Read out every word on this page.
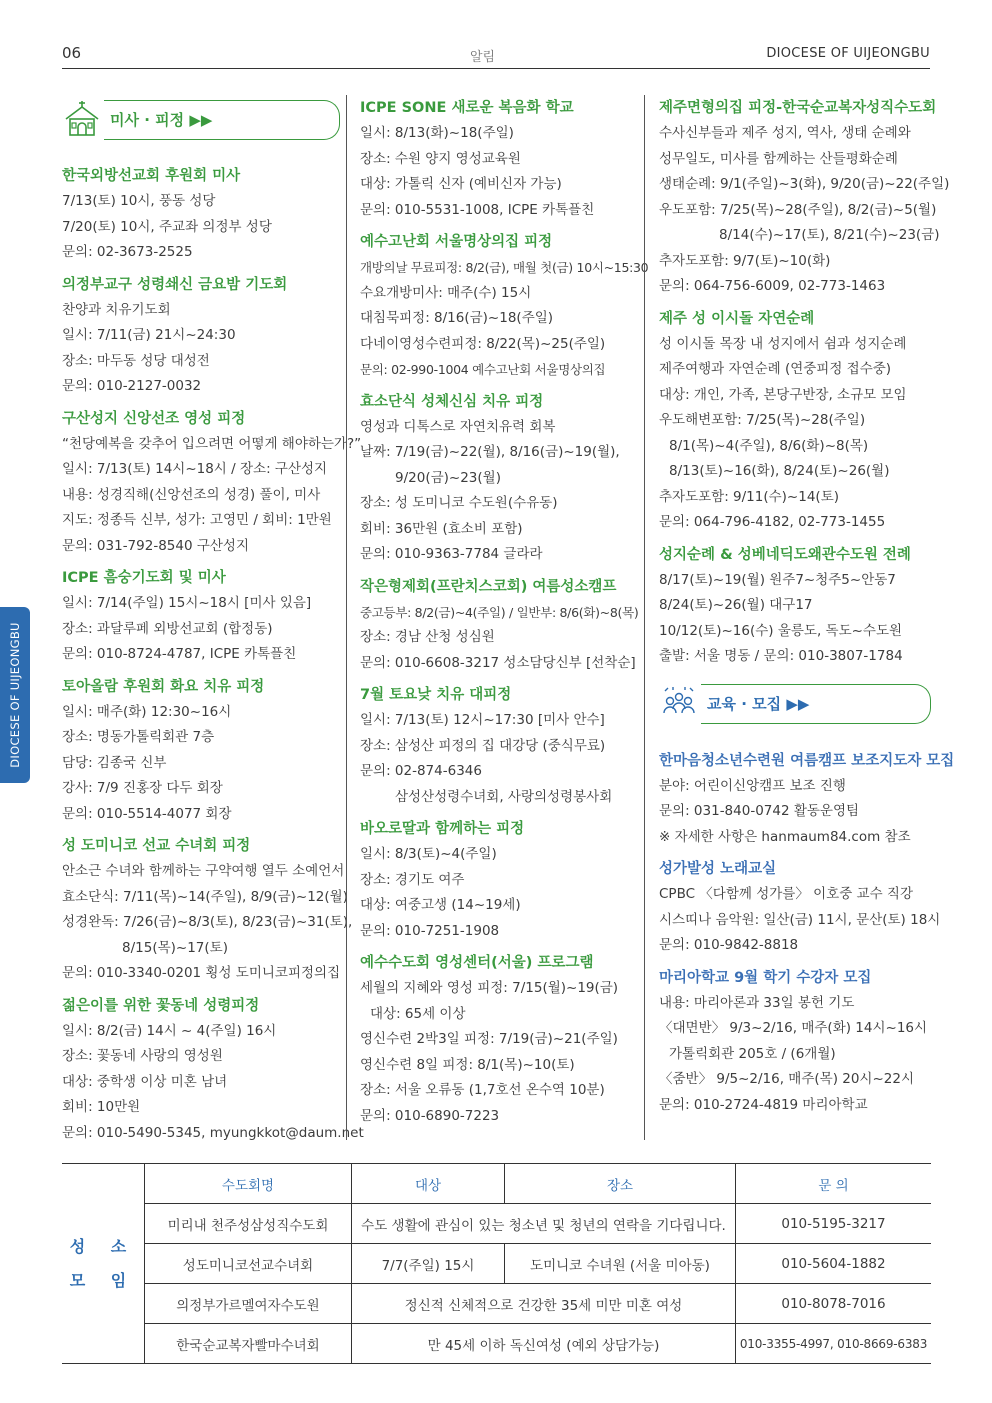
06	알림	DIOCESE OF UIJEONGBU
DIOCESE OF UIJEONGBU
미사 · 피정 ▶▶
한국외방선교회 후원회 미사
7/13(토) 10시, 풍동 성당
7/20(토) 10시, 주교좌 의정부 성당
문의: 02-3673-2525
의정부교구 성령쇄신 금요밤 기도회
찬양과 치유기도회
일시: 7/11(금) 21시~24:30
장소: 마두동 성당 대성전
문의: 010-2127-0032
구산성지 신앙선조 영성 피정
“천당예복을 갖추어 입으려면 어떻게 해야하는가?”
일시: 7/13(토) 14시~18시 / 장소: 구산성지
내용: 성경직해(신앙선조의 성경) 풀이, 미사
지도: 정종득 신부, 성가: 고영민 / 회비: 1만원
문의: 031-792-8540 구산성지
ICPE 흠숭기도회 및 미사
일시: 7/14(주일) 15시~18시 [미사 있음]
장소: 과달루페 외방선교회 (합정동)
문의: 010-8724-4787, ICPE 카톡플친
토아올람 후원회 화요 치유 피정
일시: 매주(화) 12:30~16시
장소: 명동가톨릭회관 7층
담당: 김종국 신부
강사: 7/9 진홍장 다두 회장
문의: 010-5514-4077 회장
성 도미니코 선교 수녀회 피정
안소근 수녀와 함께하는 구약여행 열두 소예언서
효소단식: 7/11(목)~14(주일), 8/9(금)~12(월)
성경완독: 7/26(금)~8/3(토), 8/23(금)~31(토),
8/15(목)~17(토)
문의: 010-3340-0201 횡성 도미니코피정의집
젊은이를 위한 꽃동네 성령피정
일시: 8/2(금) 14시 ~ 4(주일) 16시
장소: 꽃동네 사랑의 영성원
대상: 중학생 이상 미혼 남녀
회비: 10만원
문의: 010-5490-5345, myungkkot@daum.net
ICPE SONE 새로운 복음화 학교
일시: 8/13(화)~18(주일)
장소: 수원 양지 영성교육원
대상: 가톨릭 신자 (예비신자 가능)
문의: 010-5531-1008, ICPE 카톡플친
예수고난회 서울명상의집 피정
개방의날 무료피정: 8/2(금), 매월 첫(금) 10시~15:30
수요개방미사: 매주(수) 15시
대침묵피정: 8/16(금)~18(주일)
다네이영성수련피정: 8/22(목)~25(주일)
문의: 02-990-1004 예수고난회 서울명상의집
효소단식 성체신심 치유 피정
영성과 디톡스로 자연치유력 회복
날짜: 7/19(금)~22(월), 8/16(금)~19(월),
9/20(금)~23(월)
장소: 성 도미니코 수도원(수유동)
회비: 36만원 (효소비 포함)
문의: 010-9363-7784 글라라
작은형제회(프란치스코회) 여름성소캠프
중고등부: 8/2(금)~4(주일) / 일반부: 8/6(화)~8(목)
장소: 경남 산청 성심원
문의: 010-6608-3217 성소담당신부 [선착순]
7월 토요낮 치유 대피정
일시: 7/13(토) 12시~17:30 [미사 안수]
장소: 삼성산 피정의 집 대강당 (중식무료)
문의: 02-874-6346
삼성산성령수녀회, 사랑의성령봉사회
바오로딸과 함께하는 피정
일시: 8/3(토)~4(주일)
장소: 경기도 여주
대상: 여중고생 (14~19세)
문의: 010-7251-1908
예수수도회 영성센터(서울) 프로그램
세월의 지혜와 영성 피정: 7/15(월)~19(금)
대상: 65세 이상
영신수련 2박3일 피정: 7/19(금)~21(주일)
영신수련 8일 피정: 8/1(목)~10(토)
장소: 서울 오류동 (1,7호선 온수역 10분)
문의: 010-6890-7223
제주면형의집 피정-한국순교복자성직수도회
수사신부들과 제주 성지, 역사, 생태 순례와
성무일도, 미사를 함께하는 산들평화순례
생태순례: 9/1(주일)~3(화), 9/20(금)~22(주일)
우도포함: 7/25(목)~28(주일), 8/2(금)~5(월)
8/14(수)~17(토), 8/21(수)~23(금)
추자도포함: 9/7(토)~10(화)
문의: 064-756-6009, 02-773-1463
제주 성 이시돌 자연순례
성 이시돌 목장 내 성지에서 쉼과 성지순례
제주여행과 자연순례 (연중피정 접수중)
대상: 개인, 가족, 본당구반장, 소규모 모임
우도해변포함: 7/25(목)~28(주일)
8/1(목)~4(주일), 8/6(화)~8(목)
8/13(토)~16(화), 8/24(토)~26(월)
추자도포함: 9/11(수)~14(토)
문의: 064-796-4182, 02-773-1455
성지순례 & 성베네딕도왜관수도원 전례
8/17(토)~19(월) 원주7~청주5~안동7
8/24(토)~26(월) 대구17
10/12(토)~16(수) 울릉도, 독도~수도원
출발: 서울 명동 / 문의: 010-3807-1784
교육 · 모집 ▶▶
한마음청소년수련원 여름캠프 보조지도자 모집
분야: 어린이신앙캠프 보조 진행
문의: 031-840-0742 활동운영팀
※ 자세한 사항은 hanmaum84.com 참조
성가발성 노래교실
CPBC 〈다함께 성가를〉 이호중 교수 직강
시스띠나 음악원: 일산(금) 11시, 문산(토) 18시
문의: 010-9842-8818
마리아학교 9월 학기 수강자 모집
내용: 마리아론과 33일 봉헌 기도
〈대면반〉 9/3~2/16, 매주(화) 14시~16시
가톨릭회관 205호 / (6개월)
〈줌반〉 9/5~2/16, 매주(목) 20시~22시
문의: 010-2724-4819 마리아학교
성 소
모 임	수도회명	대상	장소	문 의
	미리내 천주성삼성직수도회	수도 생활에 관심이 있는 청소년 및 청년의 연락을 기다립니다.		010-5195-3217
	성도미니코선교수녀회	7/7(주일) 15시	도미니코 수녀원 (서울 미아동)	010-5604-1882
	의정부가르멜여자수도원	정신적 신체적으로 건강한 35세 미만 미혼 여성		010-8078-7016
	한국순교복자빨마수녀회	만 45세 이하 독신여성 (예외 상담가능)		010-3355-4997, 010-8669-6383
